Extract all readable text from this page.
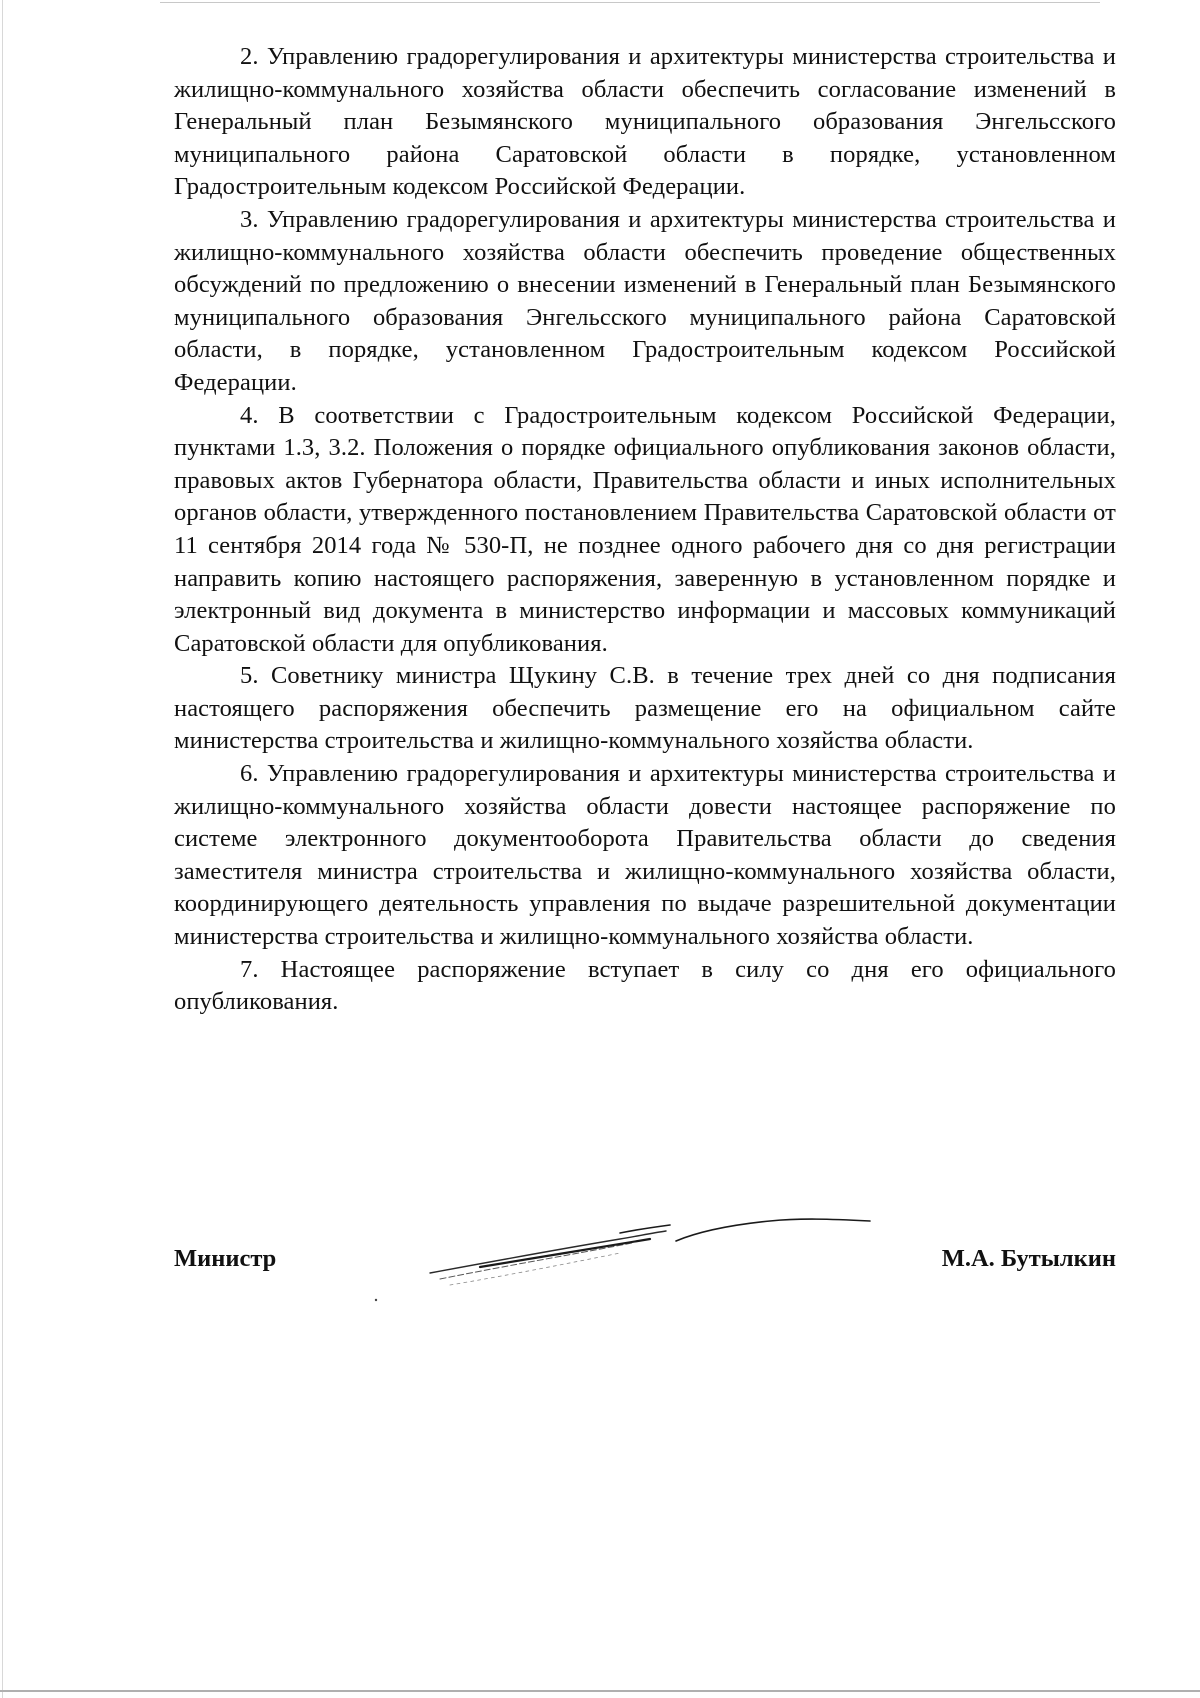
2. Управлению градорегулирования и архитектуры министерства строительства и жилищно-коммунального хозяйства области обеспечить согласование изменений в Генеральный план Безымянского муниципального образования Энгельсского муниципального района Саратовской области в порядке, установленном Градостроительным кодексом Российской Федерации.

3. Управлению градорегулирования и архитектуры министерства строительства и жилищно-коммунального хозяйства области обеспечить проведение общественных обсуждений по предложению о внесении изменений в Генеральный план Безымянского муниципального образования Энгельсского муниципального района Саратовской области, в порядке, установленном Градостроительным кодексом Российской Федерации.

4. В соответствии с Градостроительным кодексом Российской Федерации, пунктами 1.3, 3.2. Положения о порядке официального опубликования законов области, правовых актов Губернатора области, Правительства области и иных исполнительных органов области, утвержденного постановлением Правительства Саратовской области от 11 сентября 2014 года № 530-П, не позднее одного рабочего дня со дня регистрации направить копию настоящего распоряжения, заверенную в установленном порядке и электронный вид документа в министерство информации и массовых коммуникаций Саратовской области для опубликования.

5. Советнику министра Щукину С.В. в течение трех дней со дня подписания настоящего распоряжения обеспечить размещение его на официальном сайте министерства строительства и жилищно-коммунального хозяйства области.

6. Управлению градорегулирования и архитектуры министерства строительства и жилищно-коммунального хозяйства области довести настоящее распоряжение по системе электронного документооборота Правительства области до сведения заместителя министра строительства и жилищно-коммунального хозяйства области, координирующего деятельность управления по выдаче разрешительной документации министерства строительства и жилищно-коммунального хозяйства области.

7. Настоящее распоряжение вступает в силу со дня его официального опубликования.

Министр	М.А. Бутылкин
